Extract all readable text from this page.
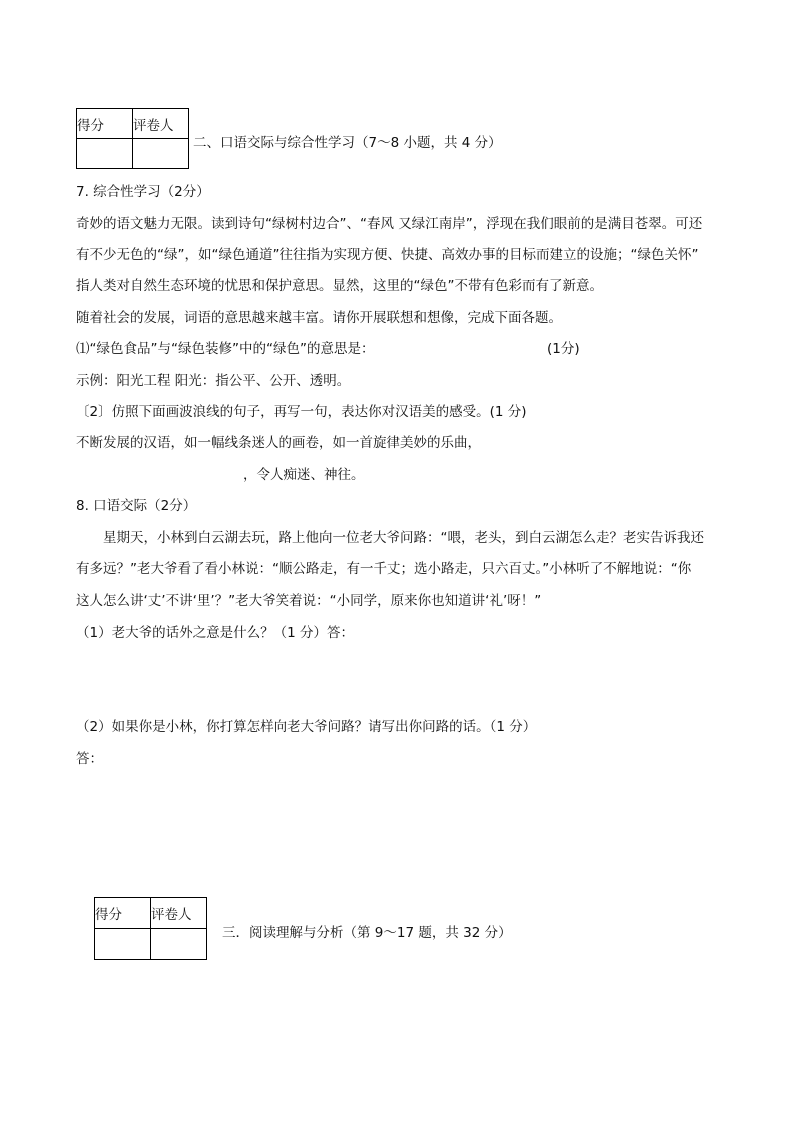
得分	评卷人

二、口语交际与综合性学习（7～8 小题，共 4 分）
7. 综合性学习（2分）
奇妙的语文魅力无限。读到诗句“绿树村边合”、“春风 又绿江南岸”，浮现在我们眼前的是满目苍翠。可还
有不少无色的“绿”，如“绿色通道”往往指为实现方便、快捷、高效办事的目标而建立的设施；“绿色关怀”
指人类对自然生态环境的忧思和保护意思。显然，这里的“绿色”不带有色彩而有了新意。
随着社会的发展，词语的意思越来越丰富。请你开展联想和想像，完成下面各题。
⑴“绿色食品”与“绿色装修”中的“绿色”的意思是：	(1分)
示例：阳光工程 阳光：指公平、公开、透明。
〔2〕仿照下面画波浪线的句子，再写一句，表达你对汉语美的感受。(1 分)
不断发展的汉语，如一幅线条迷人的画卷，如一首旋律美妙的乐曲，
，令人痴迷、神往。
8. 口语交际（2分）
星期天，小林到白云湖去玩，路上他向一位老大爷问路：“喂，老头，到白云湖怎么走？老实告诉我还
有多远？”老大爷看了看小林说：“顺公路走，有一千丈；选小路走，只六百丈。”小林听了不解地说：“你
这人怎么讲‘丈’不讲‘里’？”老大爷笑着说：“小同学，原来你也知道讲‘礼’呀！”
（1）老大爷的话外之意是什么？（1 分）答：
（2）如果你是小林，你打算怎样向老大爷问路？请写出你问路的话。（1 分）
答：
得分	评卷人

三．阅读理解与分析（第 9～17 题，共 32 分）
